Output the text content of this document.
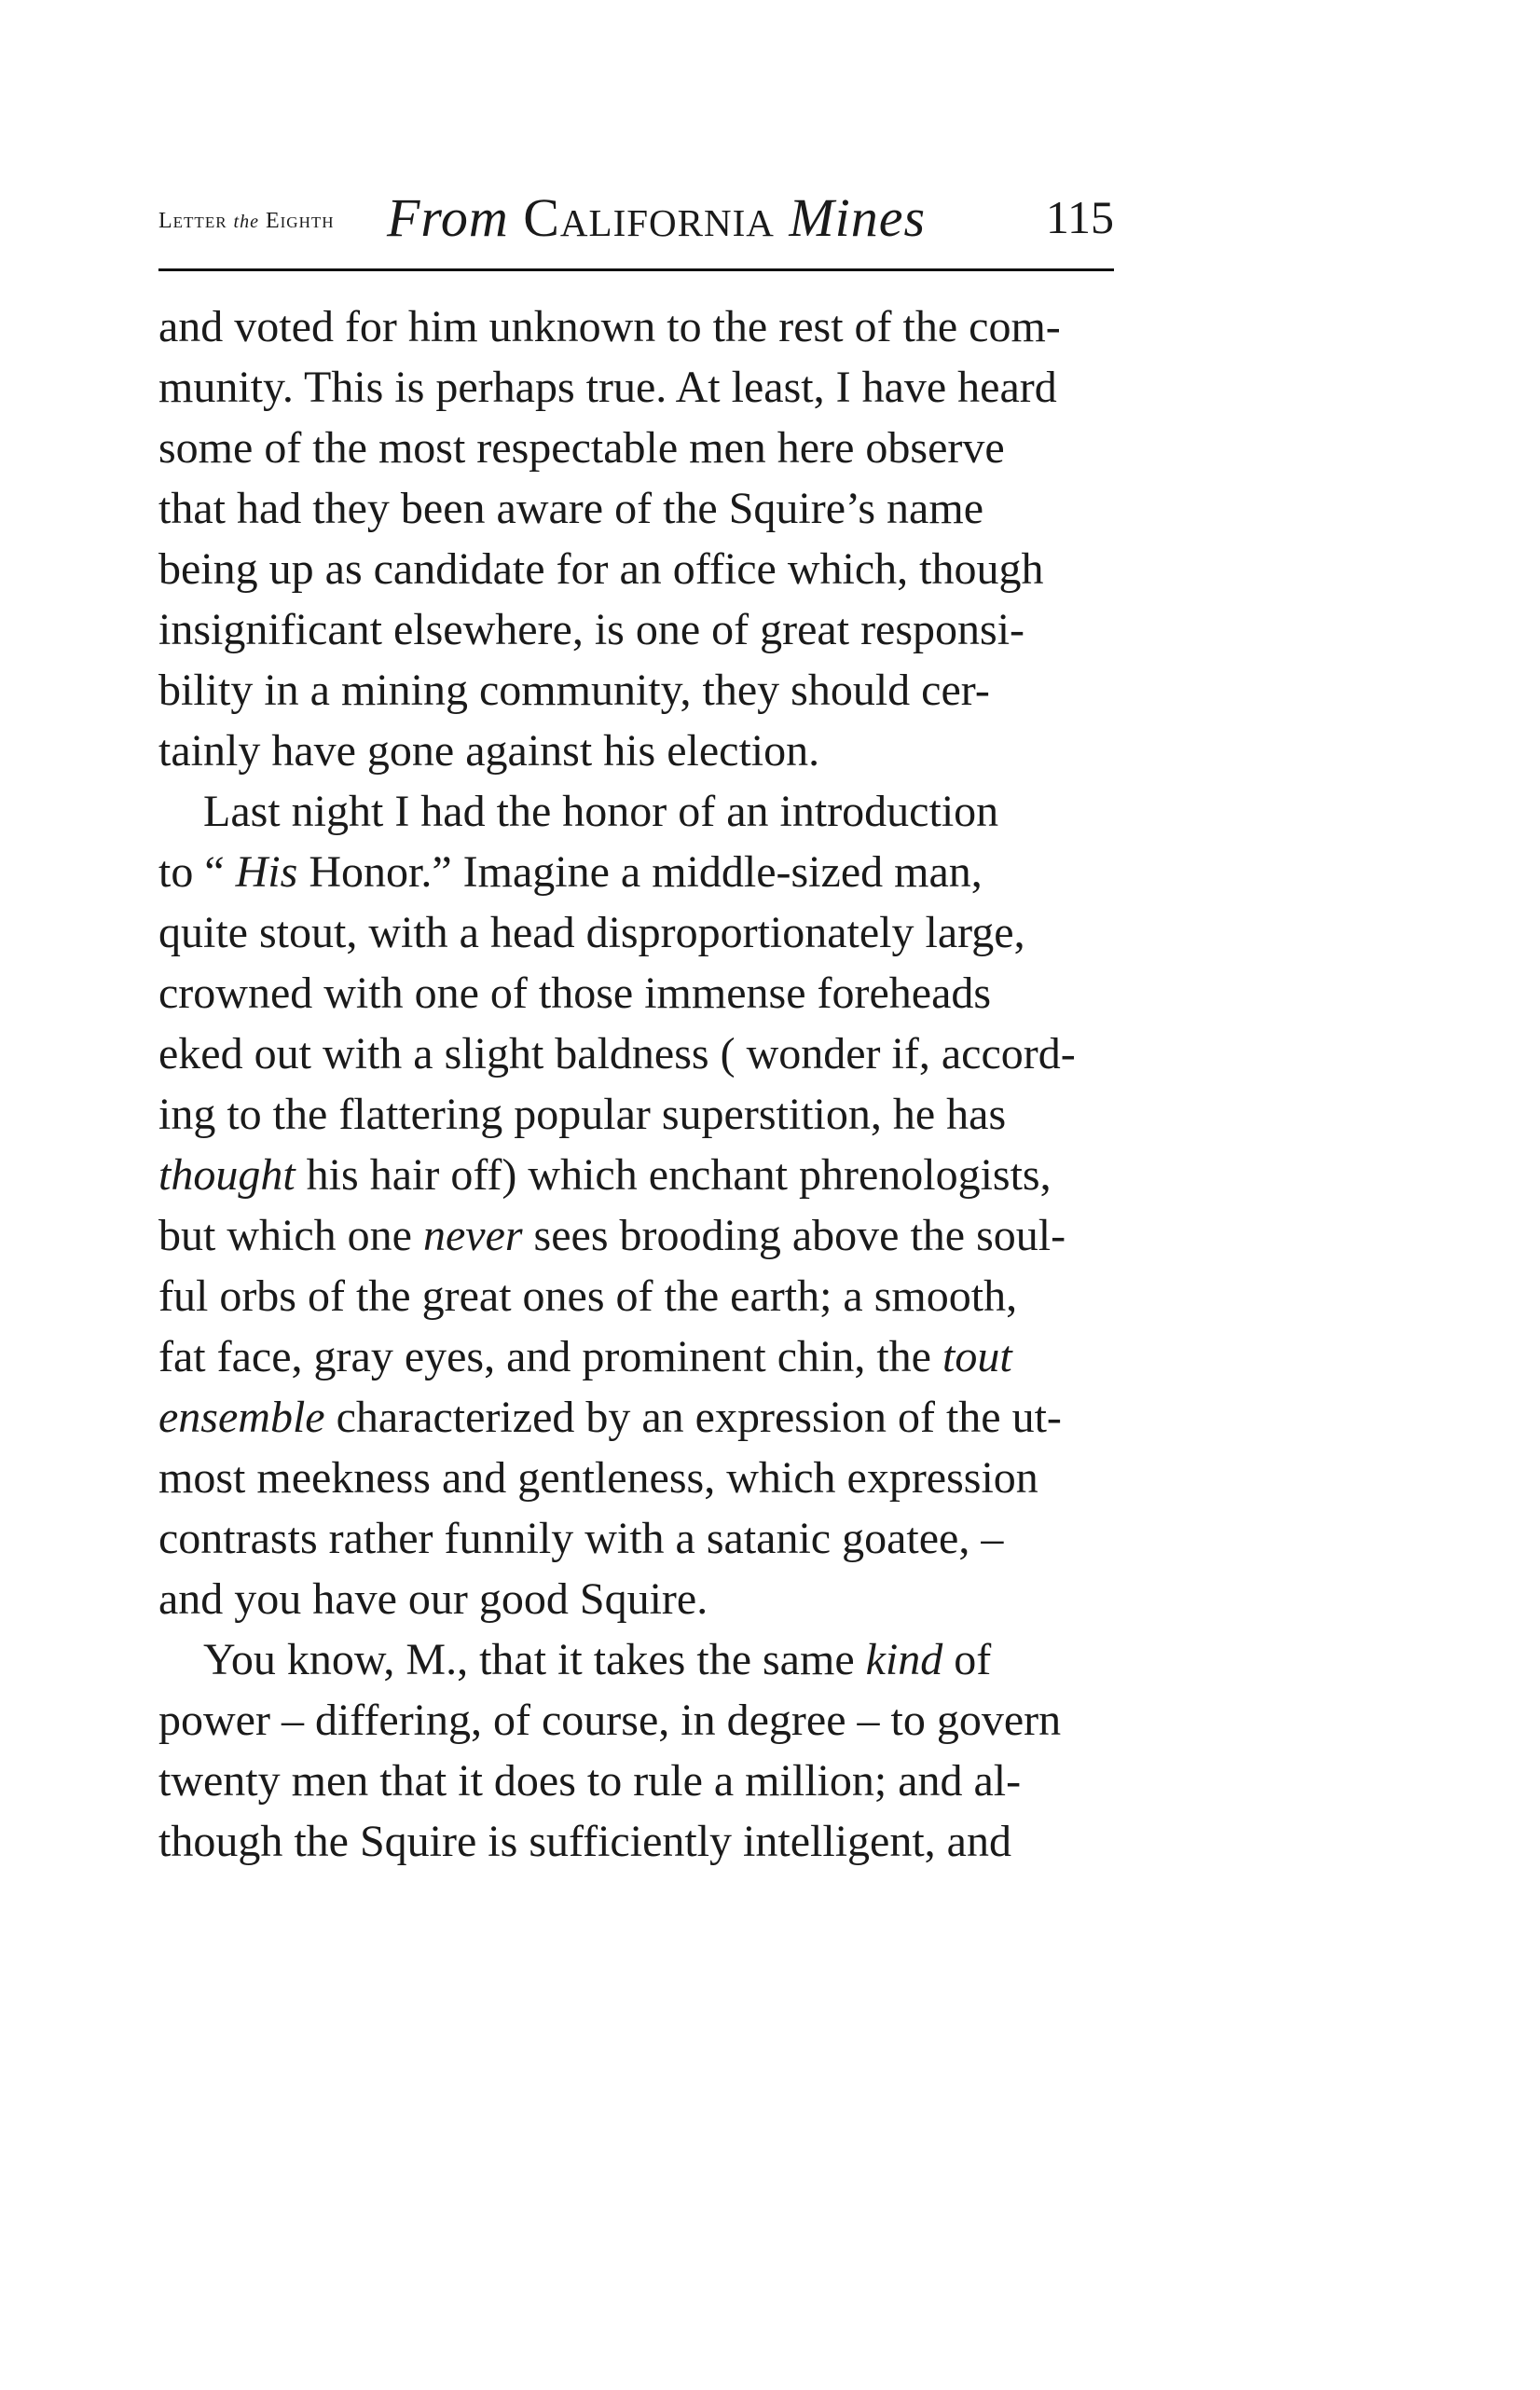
Letter the Eighth From California Mines	115
and voted for him unknown to the rest of the com-
munity. This is perhaps true. At least, I have heard
some of the most respectable men here observe
that had they been aware of the Squire’s name
being up as candidate for an office which, though
insignificant elsewhere, is one of great responsi-
bility in a mining community, they should cer-
tainly have gone against his election.
 Last night I had the honor of an introduction
to “ His Honor.” Imagine a middle-sized man,
quite stout, with a head disproportionately large,
crowned with one of those immense foreheads
eked out with a slight baldness ( wonder if, accord-
ing to the flattering popular superstition, he has
thought his hair off) which enchant phrenologists,
but which one never sees brooding above the soul-
ful orbs of the great ones of the earth; a smooth,
fat face, gray eyes, and prominent chin, the tout
ensemble characterized by an expression of the ut-
most meekness and gentleness, which expression
contrasts rather funnily with a satanic goatee, –
and you have our good Squire.
 You know, M., that it takes the same kind of
power – differing, of course, in degree – to govern
twenty men that it does to rule a million; and al-
though the Squire is sufficiently intelligent, and
